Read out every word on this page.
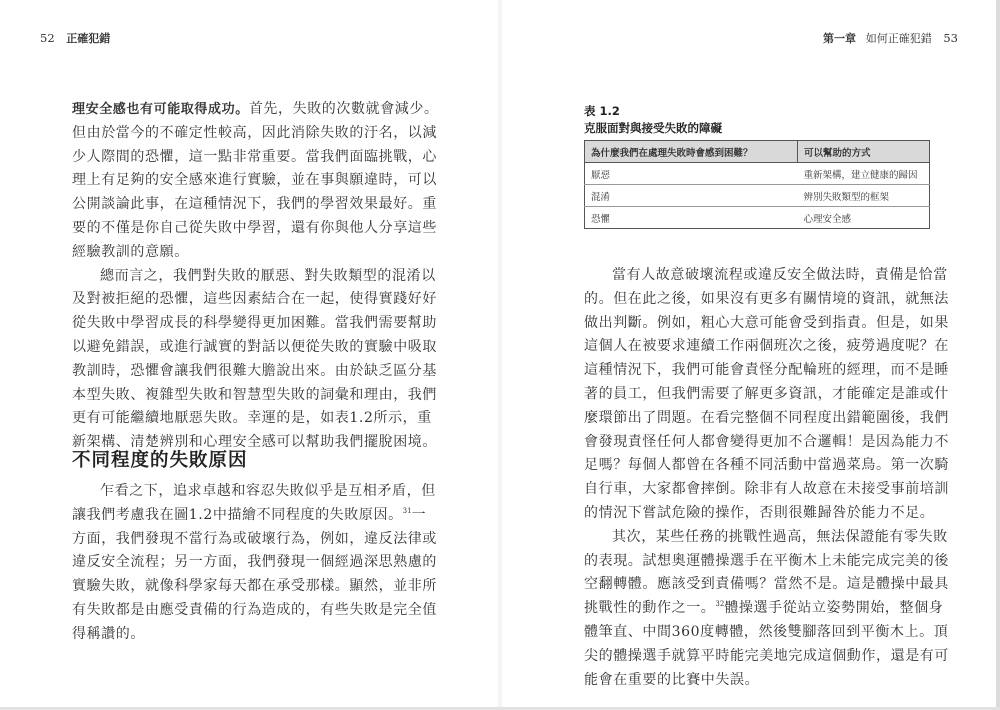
52 正確犯錯	第一章 如何正確犯錯 53

理安全感也有可能取得成功。首先，失敗的次數就會減少。但由於當今的不確定性較高，因此消除失敗的汙名，以減少人際間的恐懼，這一點非常重要。當我們面臨挑戰，心理上有足夠的安全感來進行實驗，並在事與願違時，可以公開談論此事，在這種情況下，我們的學習效果最好。重要的不僅是你自己從失敗中學習，還有你與他人分享這些經驗教訓的意願。

總而言之，我們對失敗的厭惡、對失敗類型的混淆以及對被拒絕的恐懼，這些因素結合在一起，使得實踐好好從失敗中學習成長的科學變得更加困難。當我們需要幫助以避免錯誤，或進行誠實的對話以便從失敗的實驗中吸取教訓時，恐懼會讓我們很難大膽說出來。由於缺乏區分基本型失敗、複雜型失敗和智慧型失敗的詞彙和理由，我們更有可能繼續地厭惡失敗。幸運的是，如表1.2所示，重新架構、清楚辨別和心理安全感可以幫助我們擺脫困境。

不同程度的失敗原因

乍看之下，追求卓越和容忍失敗似乎是互相矛盾，但讓我們考慮我在圖1.2中描繪不同程度的失敗原因。$^{31}$一方面，我們發現不當行為或破壞行為，例如，違反法律或違反安全流程；另一方面，我們發現一個經過深思熟慮的實驗失敗，就像科學家每天都在承受那樣。顯然，並非所有失敗都是由應受責備的行為造成的，有些失敗是完全值得稱讚的。

表 1.2
克服面對與接受失敗的障礙
為什麼我們在處理失敗時會感到困難？	可以幫助的方式
厭惡	重新架構，建立健康的歸因
混淆	辨別失敗類型的框架
恐懼	心理安全感

當有人故意破壞流程或違反安全做法時，責備是恰當的。但在此之後，如果沒有更多有關情境的資訊，就無法做出判斷。例如，粗心大意可能會受到指責。但是，如果這個人在被要求連續工作兩個班次之後，疲勞過度呢？在這種情況下，我們可能會責怪分配輪班的經理，而不是睡著的員工，但我們需要了解更多資訊，才能確定是誰或什麼環節出了問題。在看完整個不同程度出錯範圍後，我們會發現責怪任何人都會變得更加不合邏輯！是因為能力不足嗎？每個人都曾在各種不同活動中當過菜鳥。第一次騎自行車，大家都會摔倒。除非有人故意在未接受事前培訓的情況下嘗試危險的操作，否則很難歸咎於能力不足。

其次，某些任務的挑戰性過高，無法保證能有零失敗的表現。試想奧運體操選手在平衡木上未能完成完美的後空翻轉體。應該受到責備嗎？當然不是。這是體操中最具挑戰性的動作之一。$^{32}$體操選手從站立姿勢開始，整個身體筆直、中間360度轉體，然後雙腳落回到平衡木上。頂尖的體操選手就算平時能完美地完成這個動作，還是有可能會在重要的比賽中失誤。
